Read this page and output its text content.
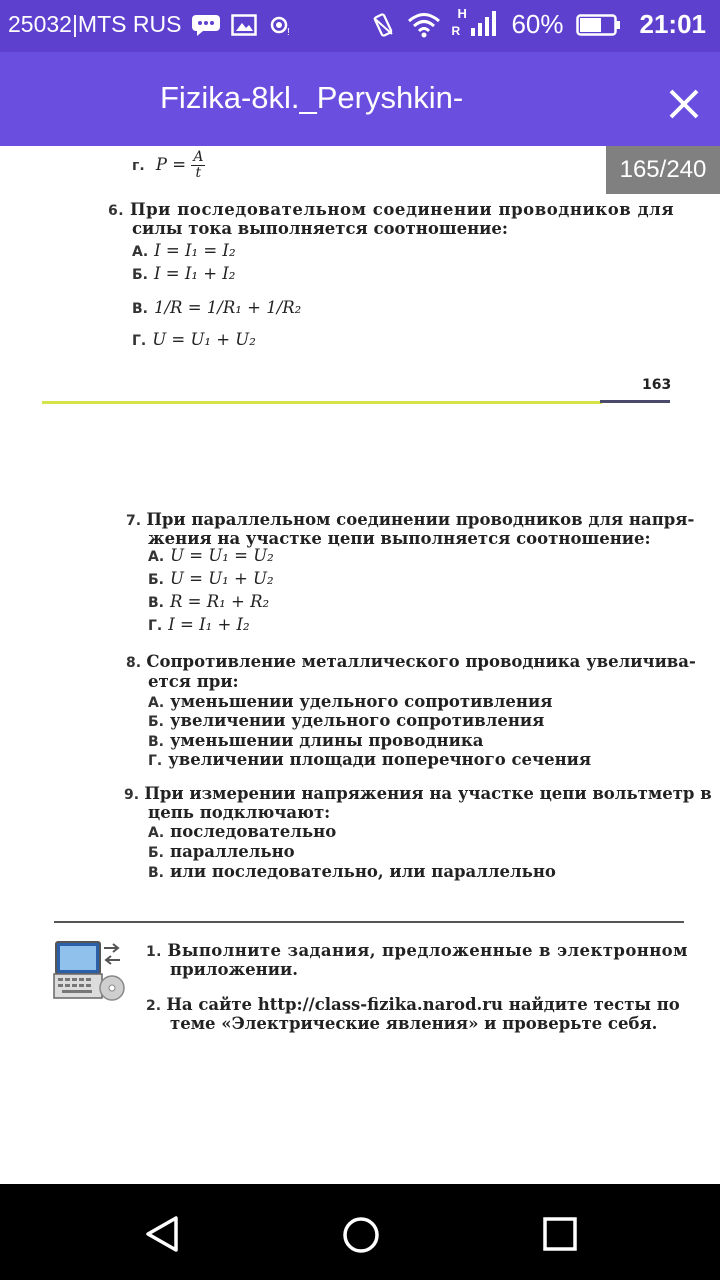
25032|MTS RUS	!
H
R 60%	21:01
Fizika-8kl._Peryshkin-
165/240
г. $P = \frac{A}{t}$
6. При последовательном соединении проводников для
силы тока выполняется соотношение:
А. I = I₁ = I₂
Б. I = I₁ + I₂
В. 1/R = 1/R₁ + 1/R₂
Г. U = U₁ + U₂
163
7. При параллельном соединении проводников для напря-
жения на участке цепи выполняется соотношение:
А. U = U₁ = U₂
Б. U = U₁ + U₂
В. R = R₁ + R₂
Г. I = I₁ + I₂
8. Сопротивление металлического проводника увеличива-
ется при:
А. уменьшении удельного сопротивления
Б. увеличении удельного сопротивления
В. уменьшении длины проводника
Г. увеличении площади поперечного сечения
9. При измерении напряжения на участке цепи вольтметр в
цепь подключают:
А. последовательно
Б. параллельно
В. или последовательно, или параллельно
1. Выполните задания, предложенные в электронном
приложении.
2. На сайте http://class-fizika.narod.ru найдите тесты по
теме «Электрические явления» и проверьте себя.
